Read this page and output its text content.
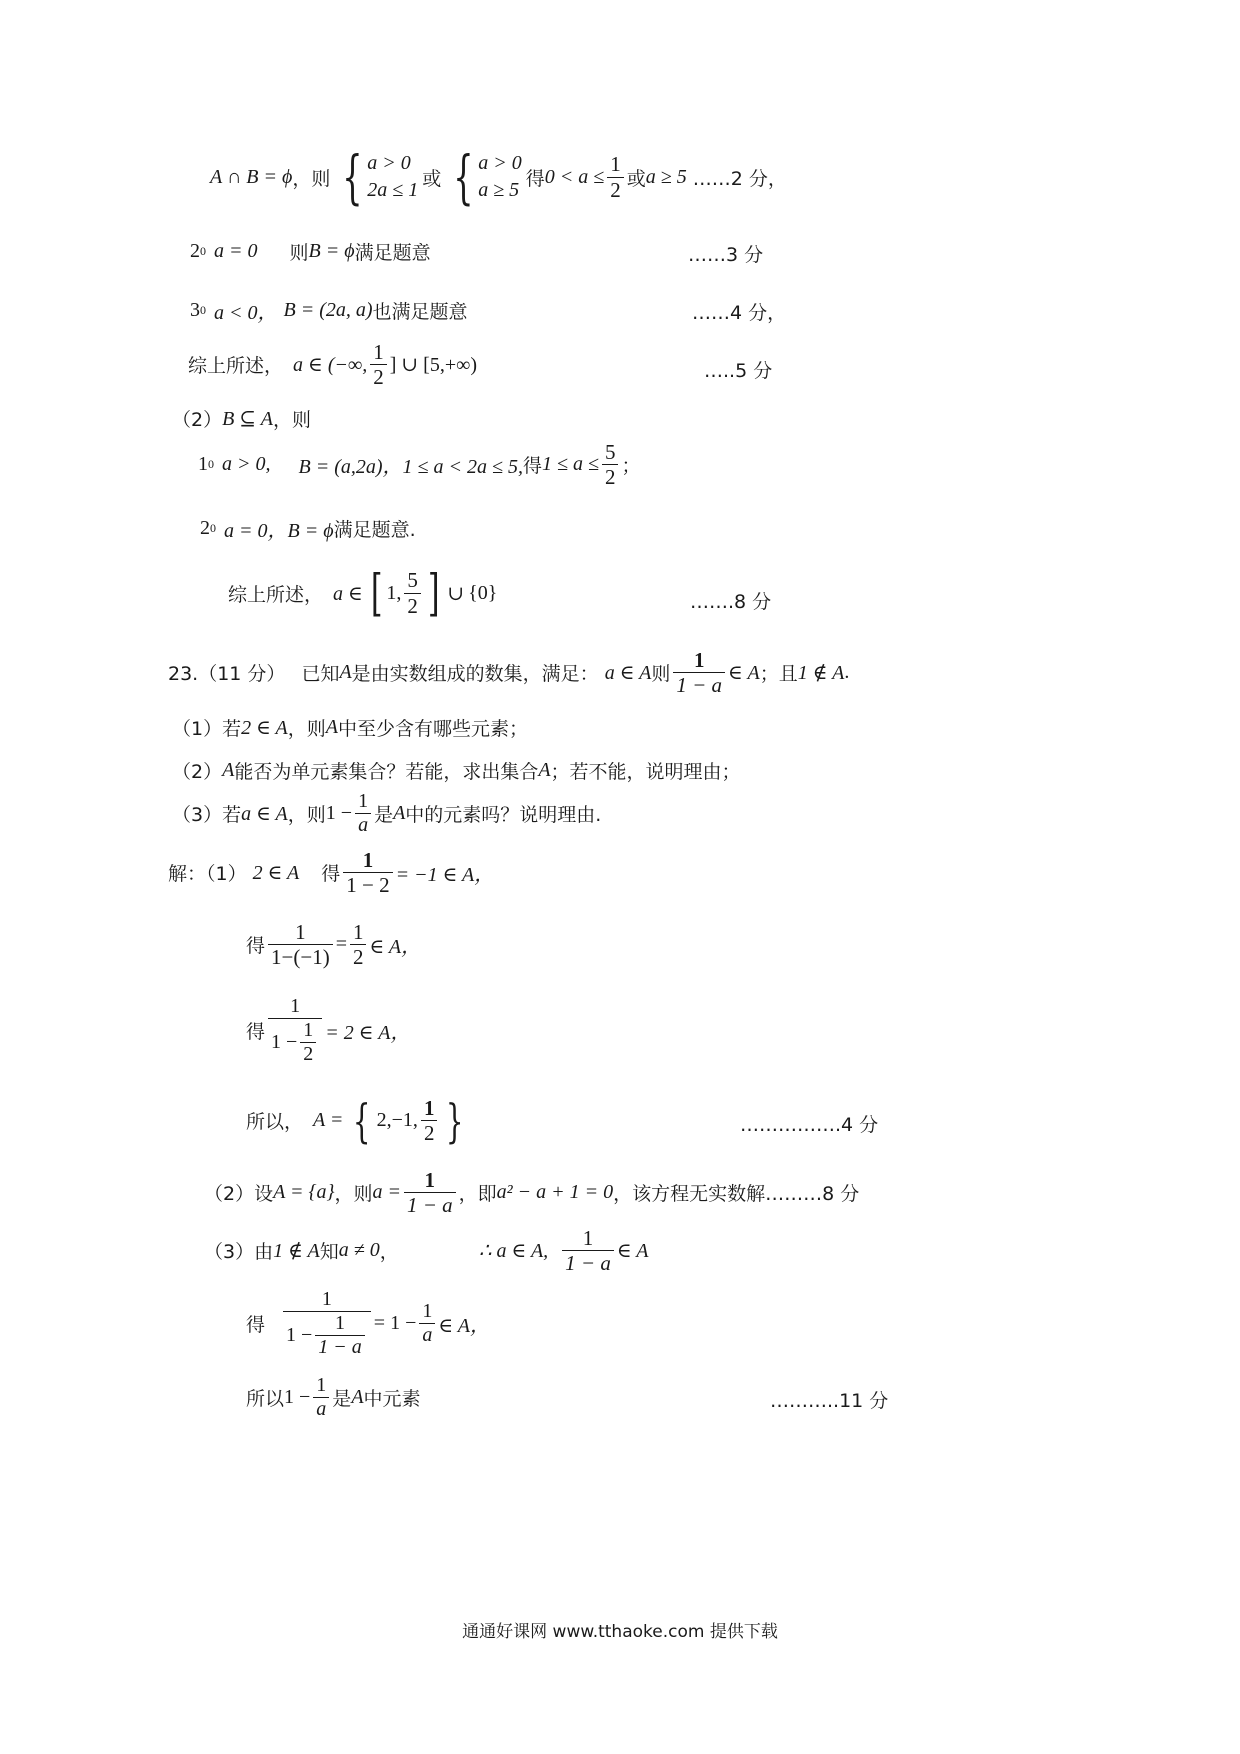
A ∩ B = ϕ ，则 { a > 0
2a ≤ 1
或 { a > 0
a ≥ 5
得 $0 < a \le \frac{1}{2}$ 或 a ≥ 5 ……2 分，
2 0 a = 0 则 B = ϕ 满足题意	……3 分
3 0 a < 0， B = (2a, a) 也满足题意	……4 分，
综上所述， a ∈ (−∞, $\frac{1}{2}$ ] ∪ [5,+∞)	…..5 分
（2） B ⊆ A ，则
1 0 a > 0, B = (a,2a)，1 ≤ a < 2a ≤ 5, 得 $1 \le a \le \frac{5}{2}$ ；
2 0 a = 0，B = ϕ 满足题意.
综上所述， a ∈ [ 1, $\frac{5}{2}$ ] ∪ { 0 }	…….8 分
23.（11 分） 已知 A 是由实数组成的数集，满足： a ∈ A 则 $\frac{1}{1 - a}$ ∈ A ；且 1 ∉ A .
（1）若 2 ∈ A ，则 A 中至少含有哪些元素；
（2） A 能否为单元素集合？若能，求出集合 A ；若不能，说明理由；
（3）若 a ∈ A ，则 $1 - \frac{1}{a}$ 是 A 中的元素吗？说明理由.
解：（1） 2 ∈ A 得 $\frac{1}{1 - 2} = -1$ ∈ A，
得 $\frac{1}{1-(-1)} = \frac{1}{2}$ ∈ A，
得 $\frac{1}{1 - \frac{1}{2}} = 2$ ∈ A，
所以， A = { 2,−1, $\frac{1}{2}$ }	…………….4 分
（2）设 A = {a} ，则 $a = \frac{1}{1 - a}$ ，即 a² − a + 1 = 0 ，该方程无实数解 ………8 分
（3）由 1 ∉ A 知 a ≠ 0 ，	∴ a ∈ A, $\frac{1}{1 - a}$ ∈ A
得 $\frac{1}{1 - \frac{1}{1 - a}} = 1 - \frac{1}{a}$ ∈ A，
所以 $1 - \frac{1}{a}$ 是 A 中元素	………..11 分
通通好课网 www.tthaoke.com 提供下载
